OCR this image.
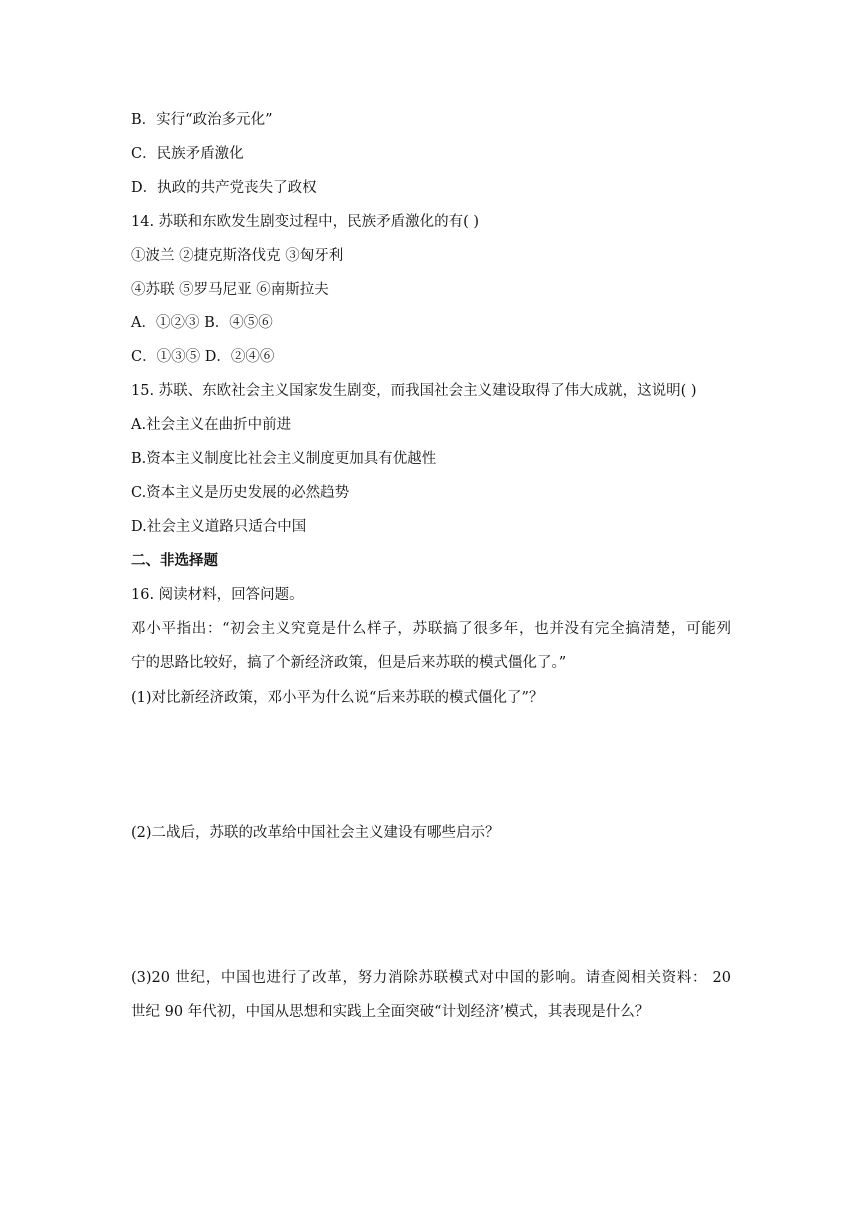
B．实行“政治多元化”
C．民族矛盾激化
D．执政的共产党丧失了政权
14. 苏联和东欧发生剧变过程中，民族矛盾激化的有( )
①波兰 ②捷克斯洛伐克 ③匈牙利
④苏联 ⑤罗马尼亚 ⑥南斯拉夫
A．①②③ B．④⑤⑥
C．①③⑤ D．②④⑥
15. 苏联、东欧社会主义国家发生剧变，而我国社会主义建设取得了伟大成就，这说明( )
A.社会主义在曲折中前进
B.资本主义制度比社会主义制度更加具有优越性
C.资本主义是历史发展的必然趋势
D.社会主义道路只适合中国
二、非选择题
16. 阅读材料，回答问题。
邓小平指出：“初会主义究竟是什么样子，苏联搞了很多年，也并没有完全搞清楚，可能列
宁的思路比较好，搞了个新经济政策，但是后来苏联的模式僵化了。”
(1)对比新经济政策，邓小平为什么说“后来苏联的模式僵化了”？
(2)二战后，苏联的改革给中国社会主义建设有哪些启示？
(3)20 世纪，中国也进行了改革，努力消除苏联模式对中国的影响。请查阅相关资料： 20
世纪 90 年代初，中国从思想和实践上全面突破“计划经济’模式，其表现是什么？
